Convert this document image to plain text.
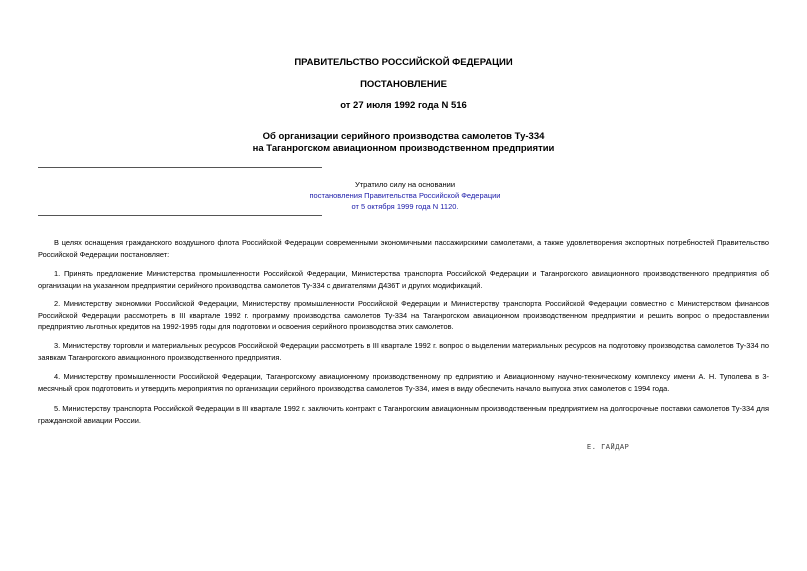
ПРАВИТЕЛЬСТВО РОССИЙСКОЙ ФЕДЕРАЦИИ
ПОСТАНОВЛЕНИЕ
от 27 июля 1992 года N 516
Об организации серийного производства самолетов Ту-334
на Таганрогском авиационном производственном предприятии
Утратило силу на основании
постановления Правительства Российской Федерации
от 5 октября 1999 года N 1120.
В целях оснащения гражданского воздушного флота Российской Федерации современными экономичными пассажирскими самолетами, а также удовлетворения экспортных потребностей Правительство Российской Федерации постановляет:
1. Принять предложение Министерства промышленности Российской Федерации, Министерства транспорта Российской Федерации и Таганрогского авиационного производственного предприятия об организации на указанном предприятии серийного производства самолетов Ту-334 с двигателями Д436Т и других модификаций.
2. Министерству экономики Российской Федерации, Министерству промышленности Российской Федерации и Министерству транспорта Российской Федерации совместно с Министерством финансов Российской Федерации рассмотреть в III квартале 1992 г. программу производства самолетов Ту-334 на Таганрогском авиационном производственном предприятии и решить вопрос о предоставлении предприятию льготных кредитов на 1992-1995 годы для подготовки и освоения серийного производства этих самолетов.
3. Министерству торговли и материальных ресурсов Российской Федерации рассмотреть в III квартале 1992 г. вопрос о выделении материальных ресурсов на подготовку производства самолетов Ту-334 по заявкам Таганрогского авиационного производственного предприятия.
4. Министерству промышленности Российской Федерации, Таганрогскому авиационному производственному пр едприятию и Авиационному научно-техническому комплексу имени А. Н. Туполева в 3-месячный срок подготовить и утвердить мероприятия по организации серийного производства самолетов Ту-334, имея в виду обеспечить начало выпуска этих самолетов с 1994 года.
5. Министерству транспорта Российской Федерации в III квартале 1992 г. заключить контракт с Таганрогским авиационным производственным предприятием на долгосрочные поставки самолетов Ту-334 для гражданской авиации России.
Е. ГАЙДАР
